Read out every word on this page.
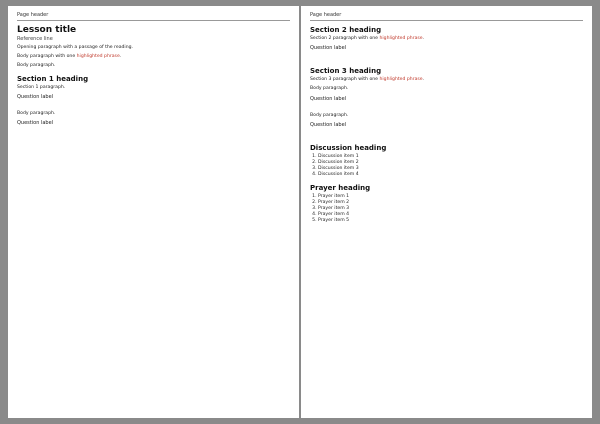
Page header
Lesson title
Reference line
Opening paragraph with a passage of the reading.
Body paragraph with one highlighted phrase.
Body paragraph.
Section 1 heading
Section 1 paragraph.
Question label
Body paragraph.
Question label
Page header
Section 2 heading
Section 2 paragraph with one highlighted phrase.
Question label
Section 3 heading
Section 3 paragraph with one highlighted phrase.
Body paragraph.
Question label
Body paragraph.
Question label
Discussion heading
1. Discussion item 1
2. Discussion item 2
3. Discussion item 3
4. Discussion item 4
Prayer heading
1. Prayer item 1
2. Prayer item 2
3. Prayer item 3
4. Prayer item 4
5. Prayer item 5
